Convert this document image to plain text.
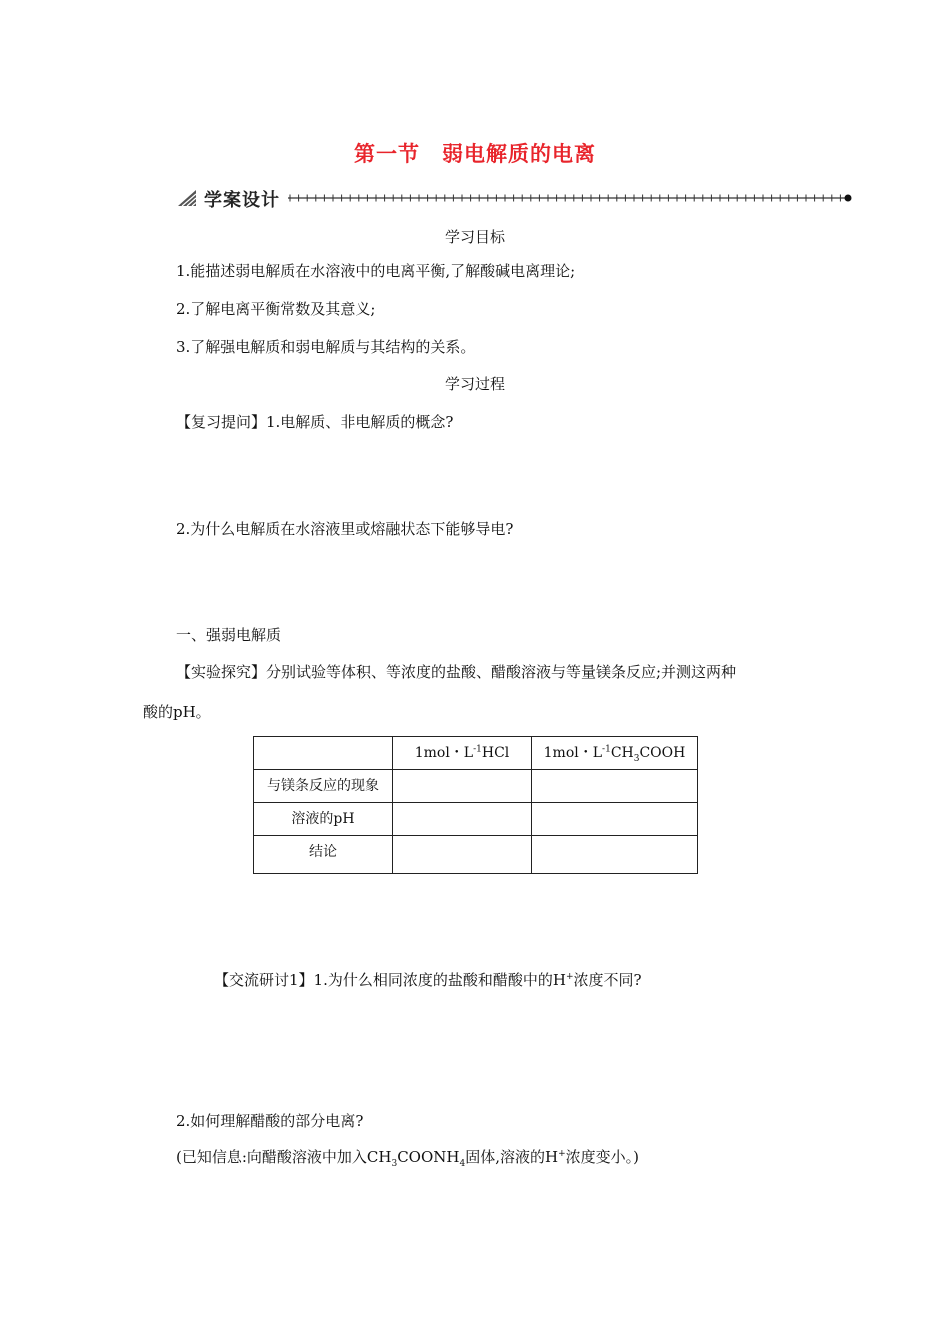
第一节　弱电解质的电离
学案设计
学习目标
1.能描述弱电解质在水溶液中的电离平衡,了解酸碱电离理论;
2.了解电离平衡常数及其意义;
3.了解强电解质和弱电解质与其结构的关系。
学习过程
【复习提问】1.电解质、非电解质的概念?
2.为什么电解质在水溶液里或熔融状态下能够导电?
一、强弱电解质
【实验探究】分别试验等体积、等浓度的盐酸、醋酸溶液与等量镁条反应;并测这两种
酸的pH。
	1mol・$L^{-1}HCl$	1mol・$L^{-1}CH_3COOH$
与镁条反应的现象		
溶液的pH		
结论		
【交流研讨1】1.为什么相同浓度的盐酸和醋酸中的H+浓度不同?
2.如何理解醋酸的部分电离?
(已知信息:向醋酸溶液中加入$CH_3COONH_4$固体,溶液的H+浓度变小。)
